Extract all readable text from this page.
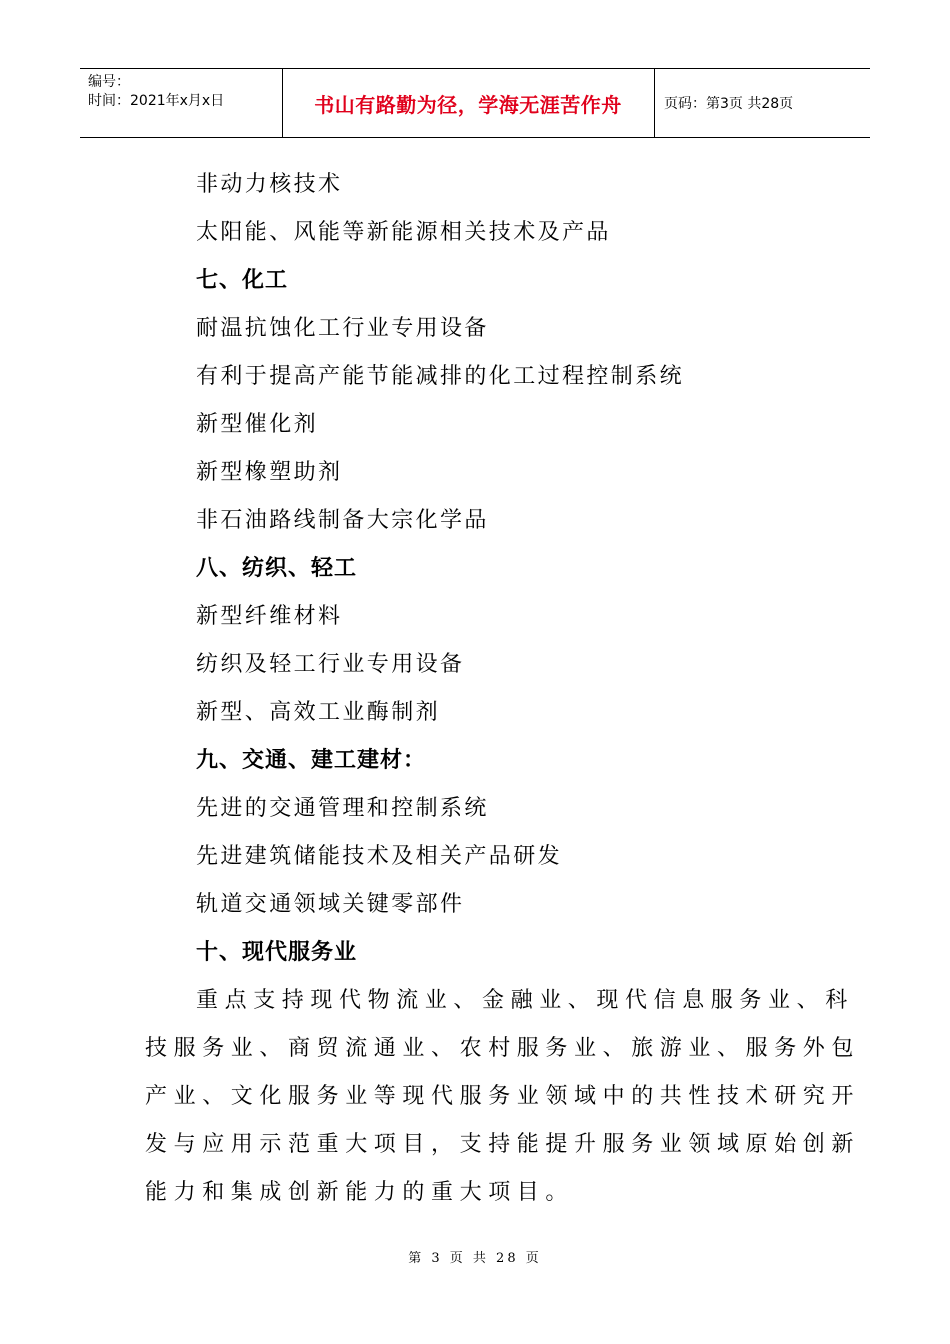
编号：
时间：2021年x月x日	书山有路勤为径，学海无涯苦作舟	页码：第3页 共28页
非动力核技术
太阳能、风能等新能源相关技术及产品
七、化工
耐温抗蚀化工行业专用设备
有利于提高产能节能减排的化工过程控制系统
新型催化剂
新型橡塑助剂
非石油路线制备大宗化学品
八、纺织、轻工
新型纤维材料
纺织及轻工行业专用设备
新型、高效工业酶制剂
九、交通、建工建材：
先进的交通管理和控制系统
先进建筑储能技术及相关产品研发
轨道交通领域关键零部件
十、现代服务业
重点支持现代物流业、金融业、现代信息服务业、科
技服务业、商贸流通业、农村服务业、旅游业、服务外包
产业、文化服务业等现代服务业领域中的共性技术研究开
发与应用示范重大项目，支持能提升服务业领域原始创新
能力和集成创新能力的重大项目。
第 3 页 共 28 页
